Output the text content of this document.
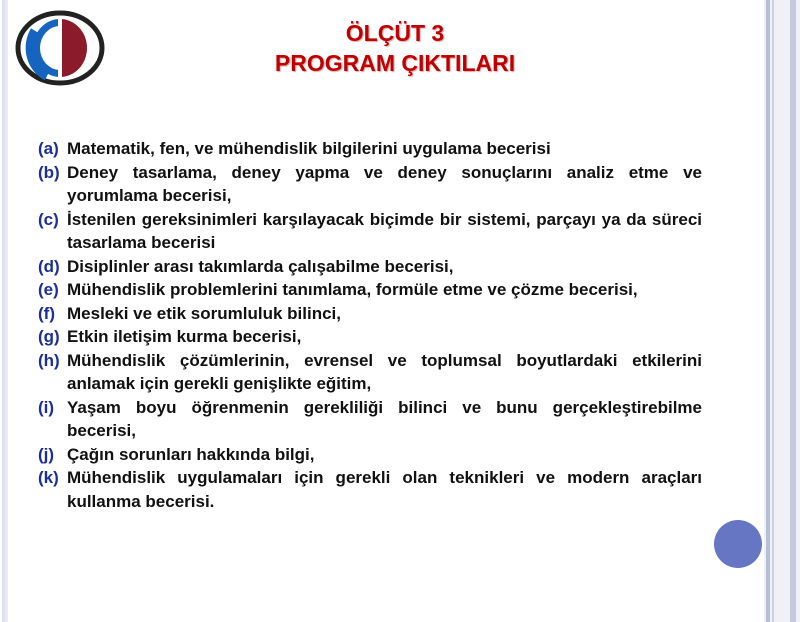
ÖLÇÜT 3
PROGRAM ÇIKTILARI
(a) Matematik, fen, ve mühendislik bilgilerini uygulama becerisi
(b) Deney tasarlama, deney yapma ve deney sonuçlarını analiz etme ve yorumlama becerisi,
(c) İstenilen gereksinimleri karşılayacak biçimde bir sistemi, parçayı ya da süreci tasarlama becerisi
(d) Disiplinler arası takımlarda çalışabilme becerisi,
(e) Mühendislik problemlerini tanımlama, formüle etme ve çözme becerisi,
(f) Mesleki ve etik sorumluluk bilinci,
(g) Etkin iletişim kurma becerisi,
(h) Mühendislik çözümlerinin, evrensel ve toplumsal boyutlardaki etkilerini anlamak için gerekli genişlikte eğitim,
(i) Yaşam boyu öğrenmenin gerekliliği bilinci ve bunu gerçekleştirebilme becerisi,
(j) Çağın sorunları hakkında bilgi,
(k) Mühendislik uygulamaları için gerekli olan teknikleri ve modern araçları kullanma becerisi.
